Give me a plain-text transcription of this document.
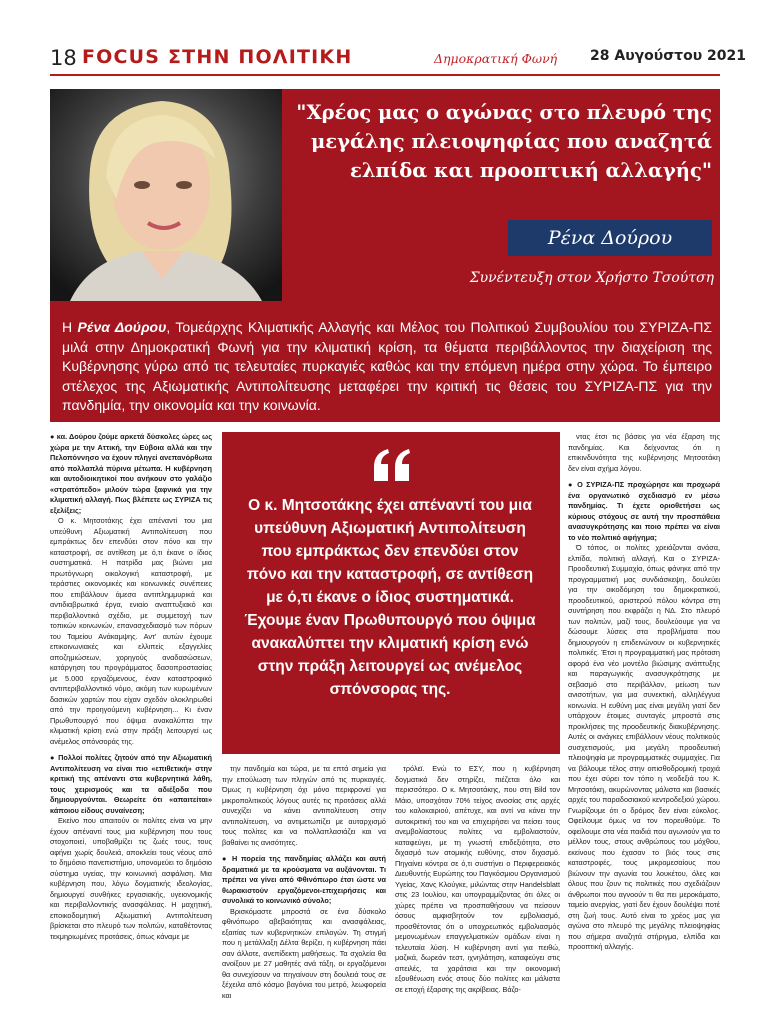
18 FOCUS ΣΤΗΝ ΠΟΛΙΤΙΚΗ	Δημοκρατική Φωνή 28 Αυγούστου 2021
"Χρέος μας ο αγώνας στο πλευρό της
μεγάλης πλειοψηφίας που αναζητά
ελπίδα και προοπτική αλλαγής"
Ρένα Δούρου
Συνέντευξη στον Χρήστο Τσούτση
Η Ρένα Δούρου, Τομεάρχης Κλιματικής Αλλαγής και Μέλος του Πολιτικού Συμβουλίου του ΣΥΡΙΖΑ-ΠΣ μιλά στην Δημοκρατική Φωνή για την κλιματική κρίση, τα θέματα περιβάλλοντος την διαχείριση της Κυβέρνησης γύρω από τις τελευταίες πυρκαγιές καθώς και την επόμενη ημέρα στην χώρα. Το έμπειρο στέλεχος της Αξιωματικής Αντιπολίτευσης μεταφέρει την κριτική τις θέσεις του ΣΥΡΙΖΑ-ΠΣ για την πανδημία, την οικονομία και την κοινωνία.

● κα. Δούρου ζούμε αρκετά δύσκολες ώρες ως χώρα με την Αττική, την Εύβοια αλλά και την Πελοπόννησο να έχουν πληγεί ανεπανόρθωτα από πολλαπλά πύρινα μέτωπα. Η κυβέρνηση και αυτοδιοικητικοί που ανήκουν στο γαλάζιο «στρατόπεδο» μιλούν τώρα ξαφνικά για την κλιματική αλλαγή. Πως βλέπετε ως ΣΥΡΙΖΑ τις εξελίξεις;

Ο κ. Μητσοτάκης έχει απέναντί του μια υπεύθυνη Αξιωματική Αντιπολίτευση που εμπράκτως δεν επενδύει στον πόνο και την καταστροφή, σε αντίθεση με ό,τι έκανε ο ίδιος συστηματικά. Η πατρίδα μας βιώνει μια πρωτόγνωρη οικολογική καταστροφή, με τεράστιες οικονομικές και κοινωνικές συνέπειες που επιβάλλουν άμεσα αντιπλημμυρικά και αντιδιαβρωτικά έργα, ενιαίο αναπτυξιακό και περιβαλλοντικό σχέδιο, με συμμετοχή των τοπικών κοινωνιών, επανασχεδιασμό των πόρων του Ταμείου Ανάκαμψης. Αντ' αυτών έχουμε επικοινωνιακές και ελλιπείς εξαγγελίες αποζημιώσεων, χορηγούς αναδασώσεων, κατάργηση του προγράμματος δασοπροστασίας με 5.000 εργαζόμενους, έναν καταστροφικό αντιπεριβαλλοντικό νόμο, ακόμη των κυρωμένων δασικών χαρτών που είχαν σχεδόν ολοκληρωθεί από την προηγούμενη κυβέρνηση... Κι έναν Πρωθυπουργό που όψιμα ανακαλύπτει την κλιματική κρίση ενώ στην πράξη λειτουργεί ως ανέμελος σπόνσοράς της.

● Πολλοί πολίτες ζητούν από την Αξιωματική Αντιπολίτευση να είναι πιο «επιθετική» στην κριτική της απέναντι στα κυβερνητικά λάθη, τους χειρισμούς και τα αδιέξοδα που δημιουργούνται. Θεωρείτε ότι «απαιτείται» κάποιου είδους συναίνεση;

Εκείνο που απαιτούν οι πολίτες είναι να μην έχουν απέναντί τους μια κυβέρνηση που τους στοχοποιεί, υποβαθμίζει τις ζωές τους, τους αφήνει χωρίς δουλειά, αποκλείει τους νέους από το δημόσιο πανεπιστήμιο, υπονομεύει το δημόσιο σύστημα υγείας, την κοινωνική ασφάλιση. Μια κυβέρνηση που, λόγω δογματικής ιδεολογίας, δημιουργεί συνθήκες εργασιακής, υγειονομικής και περιβαλλοντικής ανασφάλειας. Η μαχητική, εποικοδομητική Αξιωματική Αντιπολίτευση βρίσκεται στο πλευρό των πολιτών, καταθέτοντας τεκμηριωμένες προτάσεις, όπως κάναμε με

Ο κ. Μητσοτάκης έχει απέναντί του μια υπεύθυνη Αξιωματική Αντιπολίτευση που εμπράκτως δεν επενδύει στον πόνο και την καταστροφή, σε αντίθεση με ό,τι έκανε ο ίδιος συστηματικά. Έχουμε έναν Πρωθυπουργό που όψιμα ανακαλύπτει την κλιματική κρίση ενώ στην πράξη λειτουργεί ως ανέμελος σπόνσορας της.

την πανδημία και τώρα, με τα επτά σημεία για την επούλωση των πληγών από τις πυρκαγιές. Όμως η κυβέρνηση όχι μόνο περιφρονεί για μικροπολιτικούς λόγους αυτές τις προτάσεις αλλά συνεχίζει να κάνει αντιπολίτευση στην αντιπολίτευση, να αντιμετωπίζει με αυταρχισμό τους πολίτες και να πολλαπλασιάζει και να βαθαίνει τις ανισότητες.

● Η πορεία της πανδημίας αλλάζει και αυτή δραματικά με τα κρούσματα να αυξάνονται. Τι πρέπει να γίνει από Φθινόπωρο έτσι ώστε να θωρακιστούν εργαζόμενοι-επιχειρήσεις και συνολικά το κοινωνικό σύνολο;

Βρισκόμαστε μπροστά σε ένα δύσκολο φθινόπωρο αβεβαιότητας και ανασφάλειας, εξαιτίας των κυβερνητικών επιλογών. Τη στιγμή που η μετάλλαξη Δέλτα θερίζει, η κυβέρνηση πάει σαν άλλοτε, ανεπίδεκτη μαθήσεως. Τα σχολεία θα ανοίξουν με 27 μαθητές ανά τάξη, οι εργαζόμενοι θα συνεχίσουν να πηγαίνουν στη δουλειά τους σε ξέχειλα από κόσμο βαγόνια του μετρό, λεωφορεία και

τρόλεϊ. Ενώ το ΕΣΥ, που η κυβέρνηση δογματικά δεν στηρίζει, πιέζεται όλο και περισσότερο. Ο κ. Μητσοτάκης, που στη Bild τον Μάιο, υποσχόταν 70% τείχος ανοσίας στις αρχές του καλοκαιριού, απέτυχε, και αντί να κάνει την αυτοκριτική του και να επιχειρήσει να πείσει τους ανεμβολίαστους πολίτες να εμβολιαστούν, καταφεύγει, με τη γνωστή επιδεξιότητα, στο διχασμό των ατομικής ευθύνης, στον διχασμό. Πηγαίνει κόντρα σε ό,τι συστήνει ο Περιφερειακός Διευθυντής Ευρώπης του Παγκόσμιου Οργανισμού Υγείας, Χανς Κλούγκε, μιλώντας στην Handelsblatt στις 23 Ιουλίου, και υπογραμμίζοντας ότι όλες οι χώρες πρέπει να προσπαθήσουν να πείσουν όσους αμφισβητούν τον εμβολιασμό, προσθέτοντας ότι ο υποχρεωτικός εμβολιασμός μεμονωμένων επαγγελματικών ομάδων είναι η τελευταία λύση. Η κυβέρνηση αντί για πειθώ, μαζικά, δωρεάν τεστ, ιχνηλάτηση, καταφεύγει στις απειλές, τα χαράτσια και την οικονομική εξουθένωση ενός στους δύο πολίτες και μάλιστα σε εποχή έξαρσης της ακρίβειας. Βάζο-

ντας έτσι τις βάσεις για νέα έξαρση της πανδημίας. Και δείχνοντας ότι η επικινδυνότητα της κυβέρνησης Μητσοτάκη δεν είναι σχήμα λόγου.

● Ο ΣΥΡΙΖΑ-ΠΣ προχώρησε και προχωρά ένα οργανωτικό σχεδιασμό εν μέσω πανδημίας. Τι έχετε οριοθετήσει ως κύριους στόχους σε αυτή την προσπάθεια ανασυγκρότησης και ποιο πρέπει να είναι το νέο πολιτικό αφήγημα;

Ό τόπος, οι πολίτες χρειάζονται ανάσα, ελπίδα, πολιτική αλλαγή. Και ο ΣΥΡΙΖΑ-Προοδευτική Συμμαχία, όπως φάνηκε από την προγραμματική μας συνδιάσκεψη, δουλεύει για την οικοδόμηση του δημοκρατικού, προοδευτικού, αριστερού πόλου κόντρα στη συντήρηση που εκφράζει η ΝΔ. Στο πλευρό των πολιτών, μαζί τους, δουλεύουμε για να δώσουμε λύσεις στα προβλήματα που δημιουργούν η επιδεινώνουν οι κυβερνητικές πολιτικές. Έτσι η προγραμματική μας πρόταση αφορά ένα νέο μοντέλο βιώσιμης ανάπτυξης και παραγωγικής ανασυγκρότησης με σεβασμό στο περιβάλλον, μείωση των ανισοτήτων, για μια συνεκτική, αλληλέγγυα κοινωνία. Η ευθύνη μας είναι μεγάλη γιατί δεν υπάρχουν έτοιμες συνταγές μπροστά στις προκλήσεις της προοδευτικής διακυβέρνησης. Αυτές οι ανάγκες επιβάλλουν νέους πολιτικούς συσχετισμούς, μια μεγάλη προοδευτική πλειοψηφία με προγραμματικές συμμαχίες. Για να βάλουμε τέλος στην οπισθοδρομική τροχιά που έχει σύρει τον τόπο η νεοδεξιά του Κ. Μητσοτάκη, ακυρώνοντας μάλιστα και βασικές αρχές του παραδοσιακού κεντροδεξιού χώρου. Γνωρίζουμε ότι ο δρόμος δεν είναι εύκολος. Οφείλουμε όμως να τον πορευθούμε. Το οφείλουμε στα νέα παιδιά που αγωνιούν για το μέλλον τους, στους ανθρώπους του μόχθου, εκείνους που έχασαν το βιός τους στις καταστροφές, τους μικρομεσαίους που βιώνουν την αγωνία του λουκέτου, όλες και όλους που ζουν τις πολιτικές που σχεδιάζουν άνθρωποι που αγνοούν τι θα πει μεροκάματο, ταμείο ανεργίας, γιατί δεν έχουν δουλέψει ποτέ στη ζωή τους. Αυτό είναι το χρέος μας για αγώνα στο πλευρό της μεγάλης πλειοψηφίας που σήμερα αναζητά στήριγμα, ελπίδα και προοπτική αλλαγής.
